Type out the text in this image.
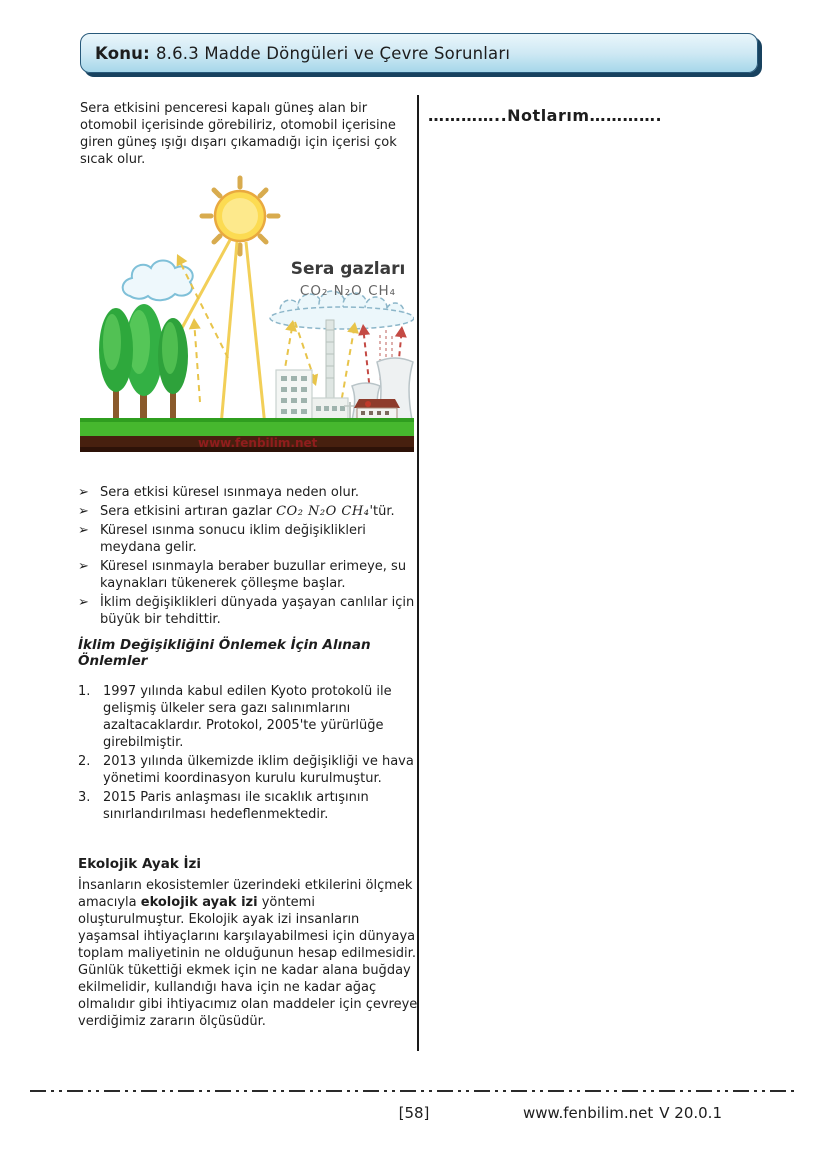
Konu: 8.6.3 Madde Döngüleri ve Çevre Sorunları
…………..Notlarım………….

Sera etkisini penceresi kapalı güneş alan bir otomobil içerisinde görebiliriz, otomobil içerisine giren güneş ışığı dışarı çıkamadığı için içerisi çok sıcak olur.

Sera gazları
CO₂ N₂O CH₄
www.fenbilim.net
➢ Sera etkisi küresel ısınmaya neden olur.
➢ Sera etkisini artıran gazlar CO₂ N₂O CH₄'tür.
➢ Küresel ısınma sonucu iklim değişiklikleri meydana gelir.
➢ Küresel ısınmayla beraber buzullar erimeye, su kaynakları tükenerek çölleşme başlar.
➢ İklim değişiklikleri dünyada yaşayan canlılar için büyük bir tehdittir.
İklim Değişikliğini Önlemek İçin Alınan Önlemler
1. 1997 yılında kabul edilen Kyoto protokolü ile gelişmiş ülkeler sera gazı salınımlarını azaltacaklardır. Protokol, 2005'te yürürlüğe girebilmiştir.
2. 2013 yılında ülkemizde iklim değişikliği ve hava yönetimi koordinasyon kurulu kurulmuştur.
3. 2015 Paris anlaşması ile sıcaklık artışının sınırlandırılması hedeflenmektedir.
Ekolojik Ayak İzi

İnsanların ekosistemler üzerindeki etkilerini ölçmek amacıyla ekolojik ayak izi yöntemi oluşturulmuştur. Ekolojik ayak izi insanların yaşamsal ihtiyaçlarını karşılayabilmesi için dünyaya toplam maliyetinin ne olduğunun hesap edilmesidir.

Günlük tükettiği ekmek için ne kadar alana buğday ekilmelidir, kullandığı hava için ne kadar ağaç olmalıdır gibi ihtiyacımız olan maddeler için çevreye verdiğimiz zararın ölçüsüdür.

[58]	www.fenbilim.net V 20.0.1
